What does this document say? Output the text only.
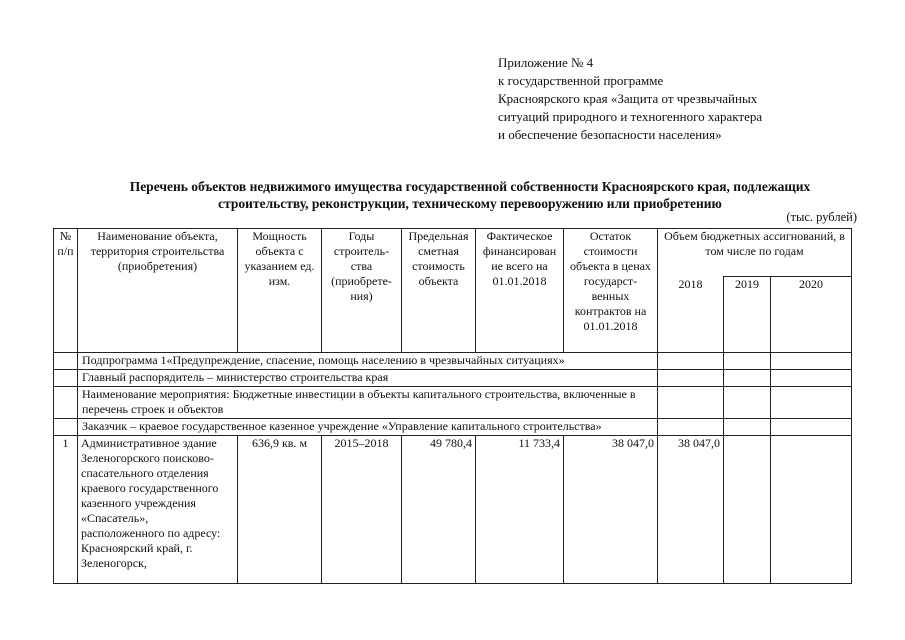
Приложение № 4
к государственной программе
Красноярского края «Защита от чрезвычайных
ситуаций природного и техногенного характера
и обеспечение безопасности населения»
Перечень объектов недвижимого имущества государственной собственности Красноярского края, подлежащих
строительству, реконструкции, техническому перевооружению или приобретению
(тыс. рублей)
№ п/п	Наименование объекта, территория строительства (приобретения)	Мощность объекта с указанием ед. изм.	Годы строитель-ства (приобрете-ния)	Предельная сметная стоимость объекта	Фактическое финансирован ие всего на 01.01.2018	Остаток стоимости объекта в ценах государст-венных контрактов на 01.01.2018	Объем бюджетных ассигнований, в том числе по годам		
							2018	2019	2020
	Подпрограмма 1«Предупреждение, спасение, помощь населению в чрезвычайных ситуациях»								
	Главный распорядитель – министерство строительства края								
	Наименование мероприятия: Бюджетные инвестиции в объекты капитального строительства, включенные в перечень строек и объектов								
	Заказчик – краевое государственное казенное учреждение «Управление капитального строительства»								
1	Административное здание Зеленогорского поисково-спасательного отделения краевого государственного казенного учреждения «Спасатель», расположенного по адресу: Красноярский край, г. Зеленогорск,	636,9 кв. м	2015–2018	49 780,4	11 733,4	38 047,0	38 047,0		
